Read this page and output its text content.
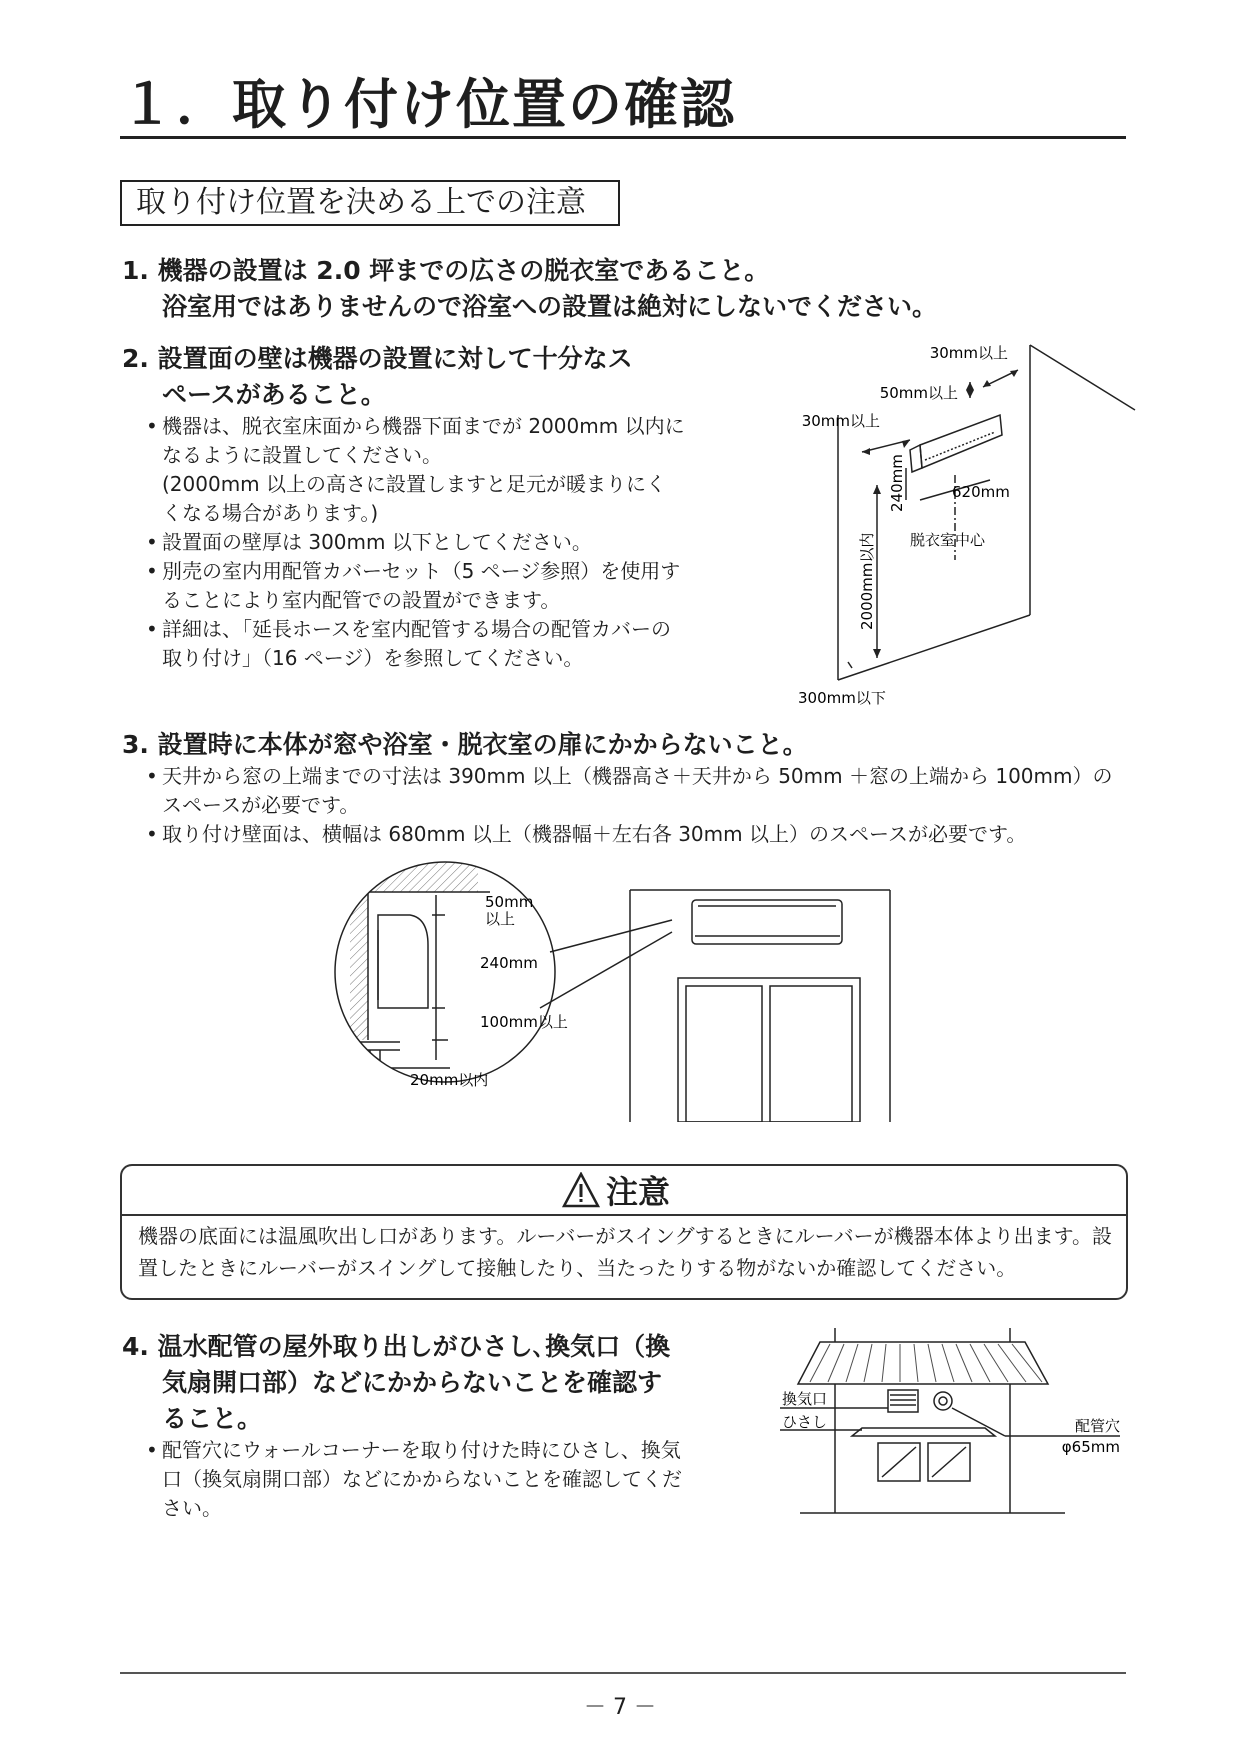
１．取り付け位置の確認
取り付け位置を決める上での注意
1. 機器の設置は 2.0 坪までの広さの脱衣室であること。
浴室用ではありませんので浴室への設置は絶対にしないでください。
2. 設置面の壁は機器の設置に対して十分なス
ペースがあること。
• 機器は、脱衣室床面から機器下面までが 2000mm 以内になるように設置してください。
(2000mm 以上の高さに設置しますと足元が暖まりにくくなる場合があります。)
• 設置面の壁厚は 300mm 以下としてください。
• 別売の室内用配管カバーセット（5 ページ参照）を使用することにより室内配管での設置ができます。
• 詳細は、「延長ホースを室内配管する場合の配管カバーの取り付け」（16 ページ）を参照してください。
30mm以上
50mm以上
30mm以上
620mm
脱衣室中心
240mm
2000mm以内
300mm以下
3. 設置時に本体が窓や浴室・脱衣室の扉にかからないこと。
• 天井から窓の上端までの寸法は 390mm 以上（機器高さ＋天井から 50mm ＋窓の上端から 100mm）のスペースが必要です。
• 取り付け壁面は、横幅は 680mm 以上（機器幅＋左右各 30mm 以上）のスペースが必要です。
50mm
以上
240mm
100mm以上
20mm以内
注意
機器の底面には温風吹出し口があります。ルーバーがスイングするときにルーバーが機器本体より出ます。設置したときにルーバーがスイングして接触したり、当たったりする物がないか確認してください。
4. 温水配管の屋外取り出しがひさし､換気口（換
気扇開口部）などにかからないことを確認す
ること。
• 配管穴にウォールコーナーを取り付けた時にひさし、換気口（換気扇開口部）などにかからないことを確認してください。
換気口
ひさし	配管穴
φ65mm
－ 7 －
